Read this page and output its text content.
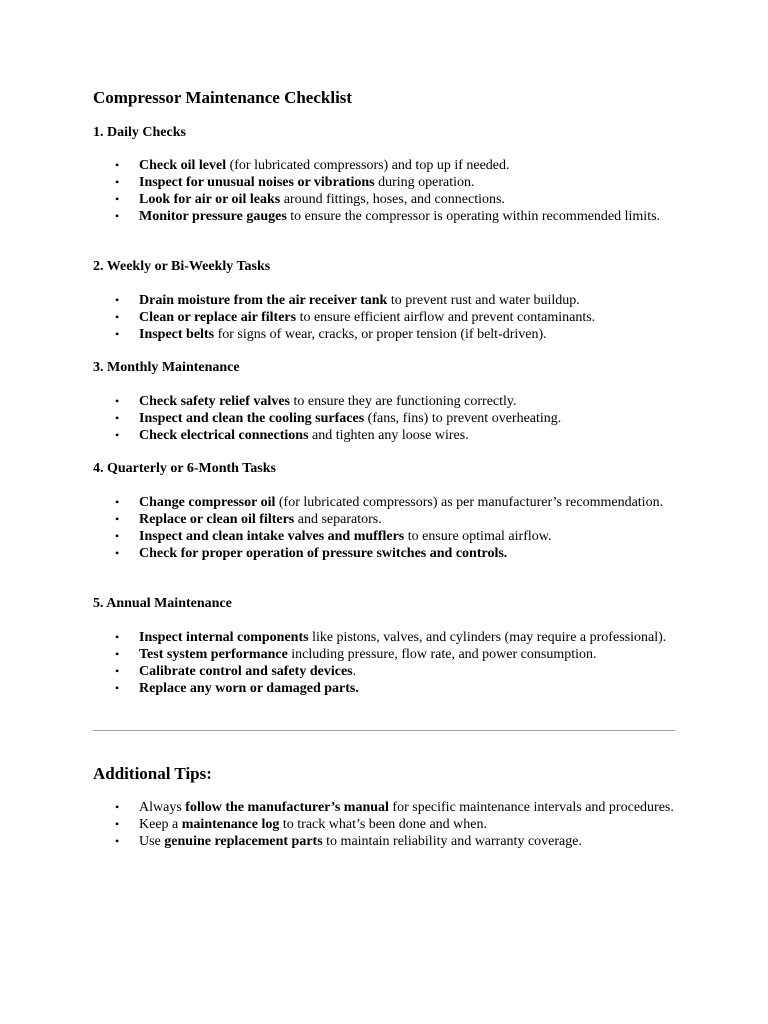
Compressor Maintenance Checklist
1. Daily Checks
• Check oil level (for lubricated compressors) and top up if needed.
• Inspect for unusual noises or vibrations during operation.
• Look for air or oil leaks around fittings, hoses, and connections.
• Monitor pressure gauges to ensure the compressor is operating within recommended limits.
2. Weekly or Bi-Weekly Tasks
• Drain moisture from the air receiver tank to prevent rust and water buildup.
• Clean or replace air filters to ensure efficient airflow and prevent contaminants.
• Inspect belts for signs of wear, cracks, or proper tension (if belt-driven).
3. Monthly Maintenance
• Check safety relief valves to ensure they are functioning correctly.
• Inspect and clean the cooling surfaces (fans, fins) to prevent overheating.
• Check electrical connections and tighten any loose wires.
4. Quarterly or 6-Month Tasks
• Change compressor oil (for lubricated compressors) as per manufacturer’s recommendation.
• Replace or clean oil filters and separators.
• Inspect and clean intake valves and mufflers to ensure optimal airflow.
• Check for proper operation of pressure switches and controls.
5. Annual Maintenance
• Inspect internal components like pistons, valves, and cylinders (may require a professional).
• Test system performance including pressure, flow rate, and power consumption.
• Calibrate control and safety devices.
• Replace any worn or damaged parts.
Additional Tips:
• Always follow the manufacturer’s manual for specific maintenance intervals and procedures.
• Keep a maintenance log to track what’s been done and when.
• Use genuine replacement parts to maintain reliability and warranty coverage.
